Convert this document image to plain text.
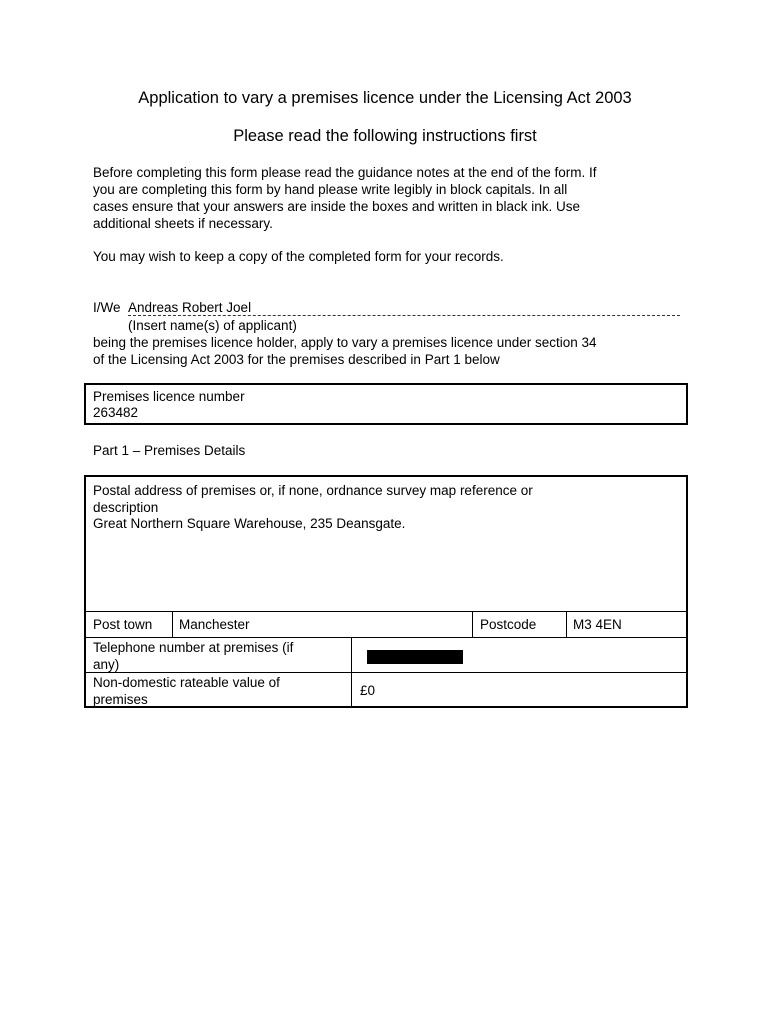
Application to vary a premises licence under the Licensing Act 2003
Please read the following instructions first
Before completing this form please read the guidance notes at the end of the form. If
you are completing this form by hand please write legibly in block capitals. In all
cases ensure that your answers are inside the boxes and written in black ink. Use
additional sheets if necessary.
You may wish to keep a copy of the completed form for your records.
I/We Andreas Robert Joel
(Insert name(s) of applicant)
being the premises licence holder, apply to vary a premises licence under section 34
of the Licensing Act 2003 for the premises described in Part 1 below
Premises licence number
263482
Part 1 – Premises Details
Postal address of premises or, if none, ordnance survey map reference or
description
Great Northern Square Warehouse, 235 Deansgate.
Post town Manchester	Postcode	M3 4EN
Telephone number at premises (if
any)
Non-domestic rateable value of
premises
£0
